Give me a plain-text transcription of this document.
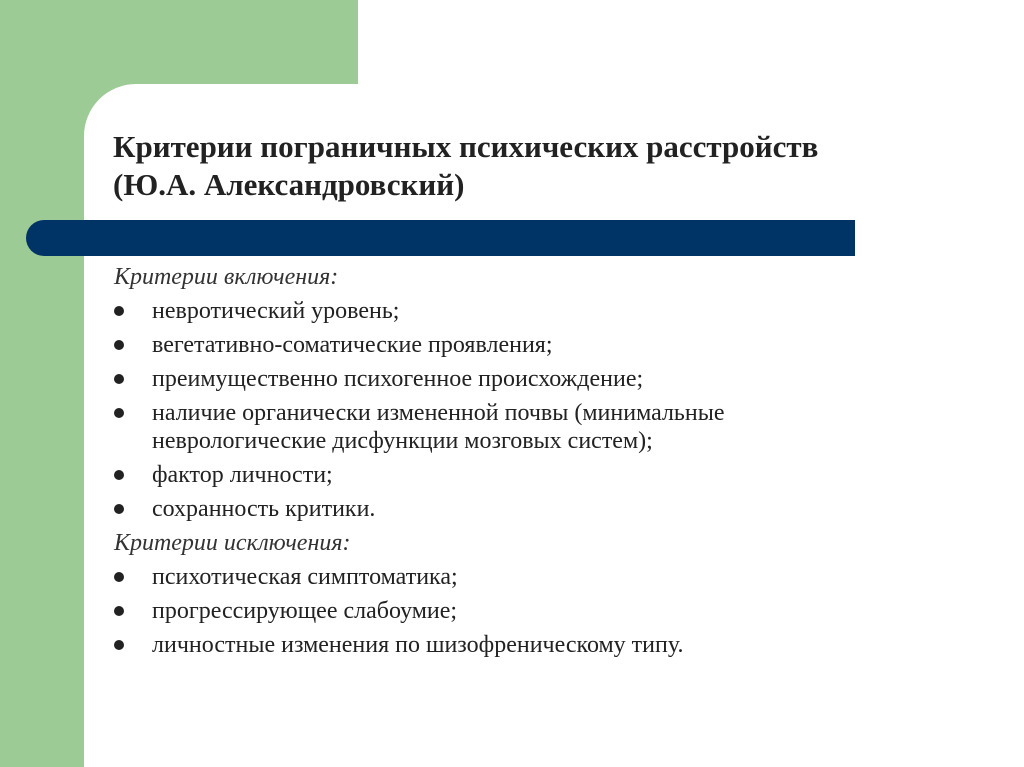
Критерии пограничных психических расстройств
(Ю.А. Александровский)
Критерии включения:
невротический уровень;
вегетативно-соматические проявления;
преимущественно психогенное происхождение;
наличие органически измененной почвы (минимальные
неврологические дисфункции мозговых систем);
фактор личности;
сохранность критики.
Критерии исключения:
психотическая симптоматика;
прогрессирующее слабоумие;
личностные изменения по шизофреническому типу.
